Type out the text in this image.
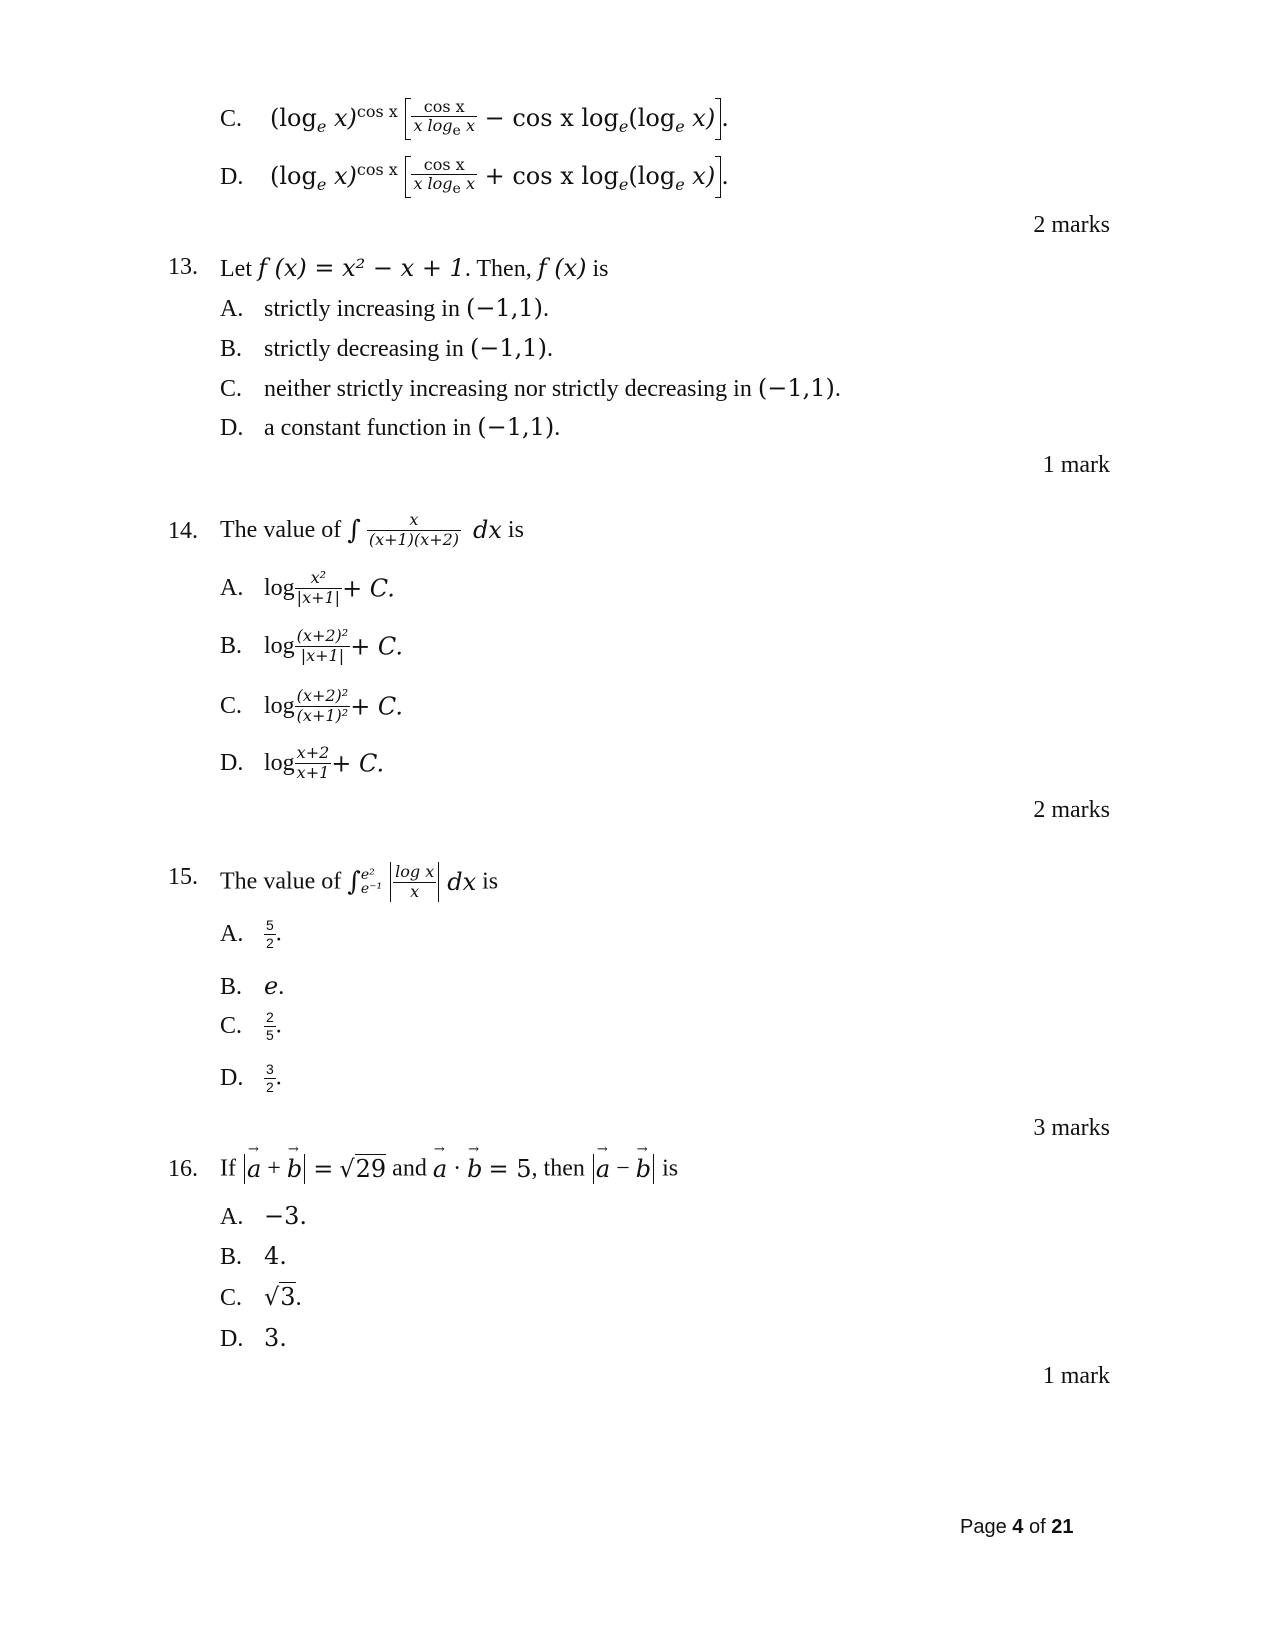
C. ($\log_e$ $x)^{cos x} \frac{\text{cos x}}{x \log_e x} - \cos x$ $\log_e(\log_e$ x) .
D. ($\log_e$ $x)^{cos x} \frac{\text{cos x}}{x \log_e x} + \cos x$ $\log_e(\log_e$ x) .
2 marks
13. Let f (x) = x² − x + 1. Then, f (x) is
A. strictly increasing in (−1,1).
B. strictly decreasing in (−1,1).
C. neither strictly increasing nor strictly decreasing in (−1,1).
D. a constant function in (−1,1).
1 mark
14. The value of ∫ $\frac{x}{(x+1)(x+2)}$ dx is
A. $\log \frac{\text{x²}}{|x+1|} + C$.
B. $\log \frac{\text{(x+2)²}}{|x+1|} + C$.
C. $\log \frac{\text{(x+2)²}}{\text{(x+1)²}} + C$.
D. $\log \frac{x+2}{x+1} + C$.
2 marks
15. The value of ∫ e²
e⁻¹
$\frac{\text{log x}}{x}$ dx is
A. $\frac{5}{2}$ .
B. e.
C. $\frac{2}{5}$ .
D. $\frac{3}{2}$ .
3 marks
16. If a → + b → = √29 and a → · b → = 5, then a → − b → is
A. −3.
B. 4.
C. √3.
D. 3.
1 mark
Page 4 of 21
